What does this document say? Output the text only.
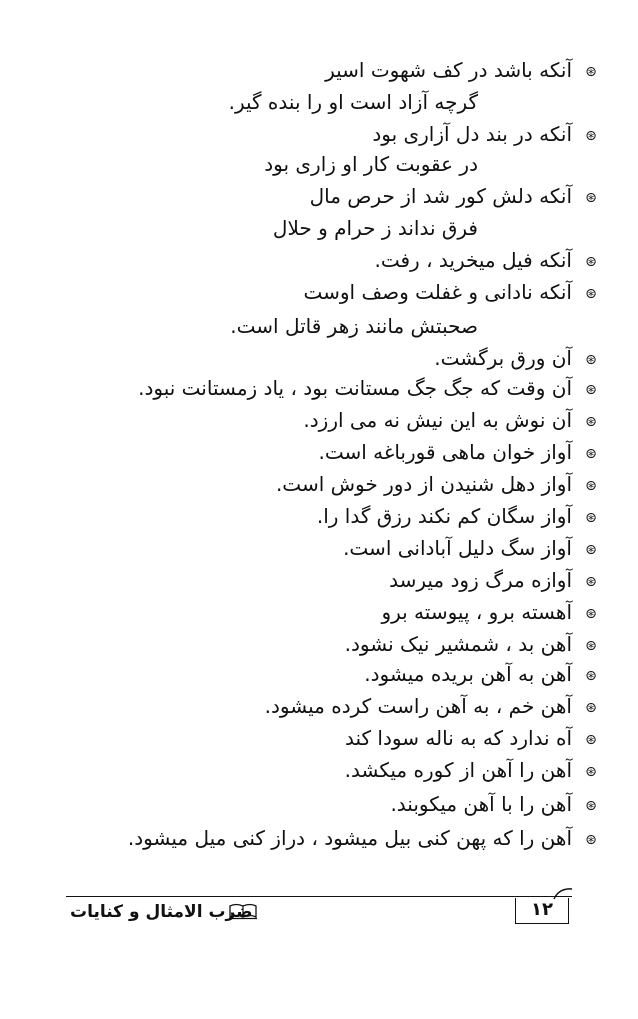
⊛آنکه باشد در کف شهوت اسیر
گرچه آزاد است او را بنده گیر.
⊛آنکه در بند دل آزاری بود
در عقوبت کار او زاری بود
⊛آنکه دلش کور شد از حرص مال
فرق نداند ز حرام و حلال
⊛آنکه فیل میخرید ، رفت.
⊛آنکه نادانی و غفلت وصف اوست
صحبتش مانند زهر قاتل است.
⊛آن ورق برگشت.
⊛آن وقت که جگ جگ مستانت بود ، یاد زمستانت نبود.
⊛آن نوش به این نیش نه می ارزد.
⊛آواز خوان ماهی قورباغه است.
⊛آواز دهل شنیدن از دور خوش است.
⊛آواز سگان کم نکند رزق گدا را.
⊛آواز سگ دلیل آبادانی است.
⊛آوازه مرگ زود میرسد
⊛آهسته برو ، پیوسته برو
⊛آهن بد ، شمشیر نیک نشود.
⊛آهن به آهن بریده میشود.
⊛آهن خم ، به آهن راست کرده میشود.
⊛آه ندارد که به ناله سودا کند
⊛آهن را آهن از کوره میکشد.
⊛آهن را با آهن میکوبند.
⊛آهن را که پهن کنی بیل میشود ، دراز کنی میل میشود.
ضرب الامثال و کنایات	۱۲
